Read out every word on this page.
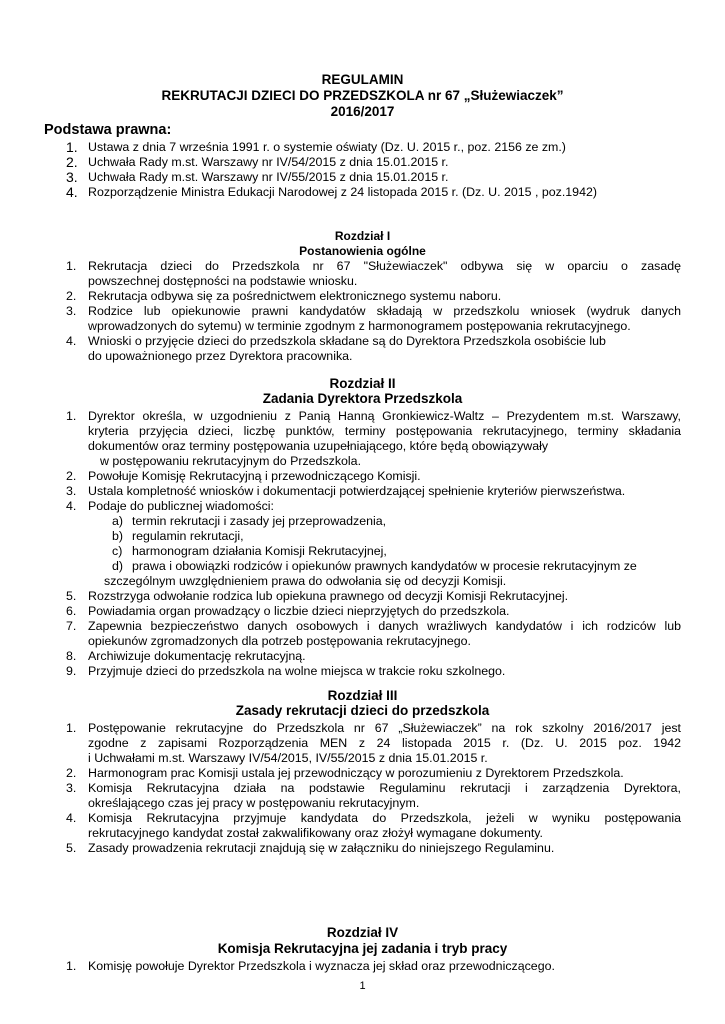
REGULAMIN
REKRUTACJI DZIECI DO PRZEDSZKOLA nr 67 „Służewiaczek”
2016/2017
Podstawa prawna:
1. Ustawa z dnia 7 września 1991 r. o systemie oświaty (Dz. U. 2015 r., poz. 2156 ze zm.)
2. Uchwała Rady m.st. Warszawy nr IV/54/2015 z dnia 15.01.2015 r.
3. Uchwała Rady m.st. Warszawy nr IV/55/2015 z dnia 15.01.2015 r.
4. Rozporządzenie Ministra Edukacji Narodowej z 24 listopada 2015 r. (Dz. U. 2015 , poz.1942)
Rozdział I
Postanowienia ogólne
1. Rekrutacja dzieci do Przedszkola nr 67 "Służewiaczek" odbywa się w oparciu o zasadę
powszechnej dostępności na podstawie wniosku.
2. Rekrutacja odbywa się za pośrednictwem elektronicznego systemu naboru.
3. Rodzice lub opiekunowie prawni kandydatów składają w przedszkolu wniosek (wydruk danych
wprowadzonych do sytemu) w terminie zgodnym z harmonogramem postępowania rekrutacyjnego.
4. Wnioski o przyjęcie dzieci do przedszkola składane są do Dyrektora Przedszkola osobiście lub
do upoważnionego przez Dyrektora pracownika.
Rozdział II
Zadania Dyrektora Przedszkola
1. Dyrektor określa, w uzgodnieniu z Panią Hanną Gronkiewicz-Waltz – Prezydentem m.st. Warszawy,
kryteria przyjęcia dzieci, liczbę punktów, terminy postępowania rekrutacyjnego, terminy składania
dokumentów oraz terminy postępowania uzupełniającego, które będą obowiązywały
w postępowaniu rekrutacyjnym do Przedszkola.
2. Powołuje Komisję Rekrutacyjną i przewodniczącego Komisji.
3. Ustala kompletność wniosków i dokumentacji potwierdzającej spełnienie kryteriów pierwszeństwa.
4. Podaje do publicznej wiadomości:
a) termin rekrutacji i zasady jej przeprowadzenia,
b) regulamin rekrutacji,
c) harmonogram działania Komisji Rekrutacyjnej,
d) prawa i obowiązki rodziców i opiekunów prawnych kandydatów w procesie rekrutacyjnym ze
szczególnym uwzględnieniem prawa do odwołania się od decyzji Komisji.
5. Rozstrzyga odwołanie rodzica lub opiekuna prawnego od decyzji Komisji Rekrutacyjnej.
6. Powiadamia organ prowadzący o liczbie dzieci nieprzyjętych do przedszkola.
7. Zapewnia bezpieczeństwo danych osobowych i danych wrażliwych kandydatów i ich rodziców lub
opiekunów zgromadzonych dla potrzeb postępowania rekrutacyjnego.
8. Archiwizuje dokumentację rekrutacyjną.
9. Przyjmuje dzieci do przedszkola na wolne miejsca w trakcie roku szkolnego.
Rozdział III
Zasady rekrutacji dzieci do przedszkola
1. Postępowanie rekrutacyjne do Przedszkola nr 67 „Służewiaczek” na rok szkolny 2016/2017 jest
zgodne z zapisami Rozporządzenia MEN z 24 listopada 2015 r. (Dz. U. 2015 poz. 1942
i Uchwałami m.st. Warszawy IV/54/2015, IV/55/2015 z dnia 15.01.2015 r.
2. Harmonogram prac Komisji ustala jej przewodniczący w porozumieniu z Dyrektorem Przedszkola.
3. Komisja Rekrutacyjna działa na podstawie Regulaminu rekrutacji i zarządzenia Dyrektora,
określającego czas jej pracy w postępowaniu rekrutacyjnym.
4. Komisja Rekrutacyjna przyjmuje kandydata do Przedszkola, jeżeli w wyniku postępowania
rekrutacyjnego kandydat został zakwalifikowany oraz złożył wymagane dokumenty.
5. Zasady prowadzenia rekrutacji znajdują się w załączniku do niniejszego Regulaminu.
Rozdział IV
Komisja Rekrutacyjna jej zadania i tryb pracy
1. Komisję powołuje Dyrektor Przedszkola i wyznacza jej skład oraz przewodniczącego.
1
